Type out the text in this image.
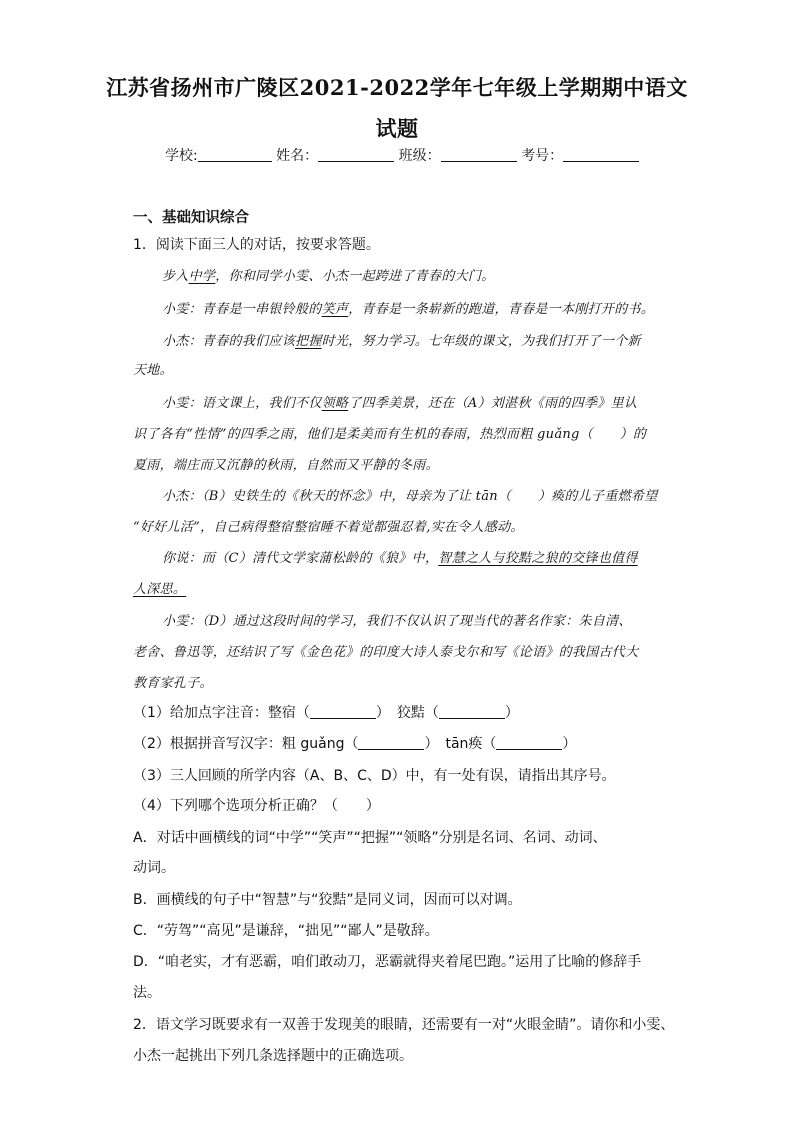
江苏省扬州市广陵区2021-2022学年七年级上学期期中语文
试题
学校:	姓名：	班级：	考号：
一、基础知识综合
1．阅读下面三人的对话，按要求答题。
步入中学，你和同学小雯、小杰一起跨进了青春的大门。
小雯：青春是一串银铃般的笑声，青春是一条崭新的跑道，青春是一本刚打开的书。
小杰：青春的我们应该把握时光，努力学习。七年级的课文，为我们打开了一个新
天地。
小雯：语文课上，我们不仅领略了四季美景，还在（A）刘湛秋《雨的四季》里认
识了各有“性情”的四季之雨，他们是柔美而有生机的春雨，热烈而粗 guǎng（　　）的
夏雨，端庄而又沉静的秋雨，自然而又平静的冬雨。
小杰：（B）史铁生的《秋天的怀念》中，母亲为了让 tān（　　）痪的儿子重燃希望
“好好儿活”，自己病得整宿整宿睡不着觉都强忍着,实在令人感动。
你说：而（C）清代文学家蒲松龄的《狼》中，智慧之人与狡黠之狼的交锋也值得
人深思。
小雯：（D）通过这段时间的学习，我们不仅认识了现当代的著名作家：朱自清、
老舍、鲁迅等，还结识了写《金色花》的印度大诗人泰戈尔和写《论语》的我国古代大
教育家孔子。
（1）给加点字注音：整宿（	）　狡黠（	）
（2）根据拼音写汉字：粗 guǎng（	）　tān痪（	）
（3）三人回顾的所学内容（A、B、C、D）中，有一处有误，请指出其序号。
（4）下列哪个选项分析正确？（　　）
A．对话中画横线的词“中学”“笑声”“把握”“领略”分别是名词、名词、动词、
动词。
B．画横线的句子中“智慧”与“狡黠”是同义词，因而可以对调。
C．“劳驾”“高见”是谦辞，“拙见”“鄙人”是敬辞。
D．“咱老实，才有恶霸，咱们敢动刀，恶霸就得夹着尾巴跑。”运用了比喻的修辞手
法。
2．语文学习既要求有一双善于发现美的眼睛，还需要有一对“火眼金睛”。请你和小雯、
小杰一起挑出下列几条选择题中的正确选项。
